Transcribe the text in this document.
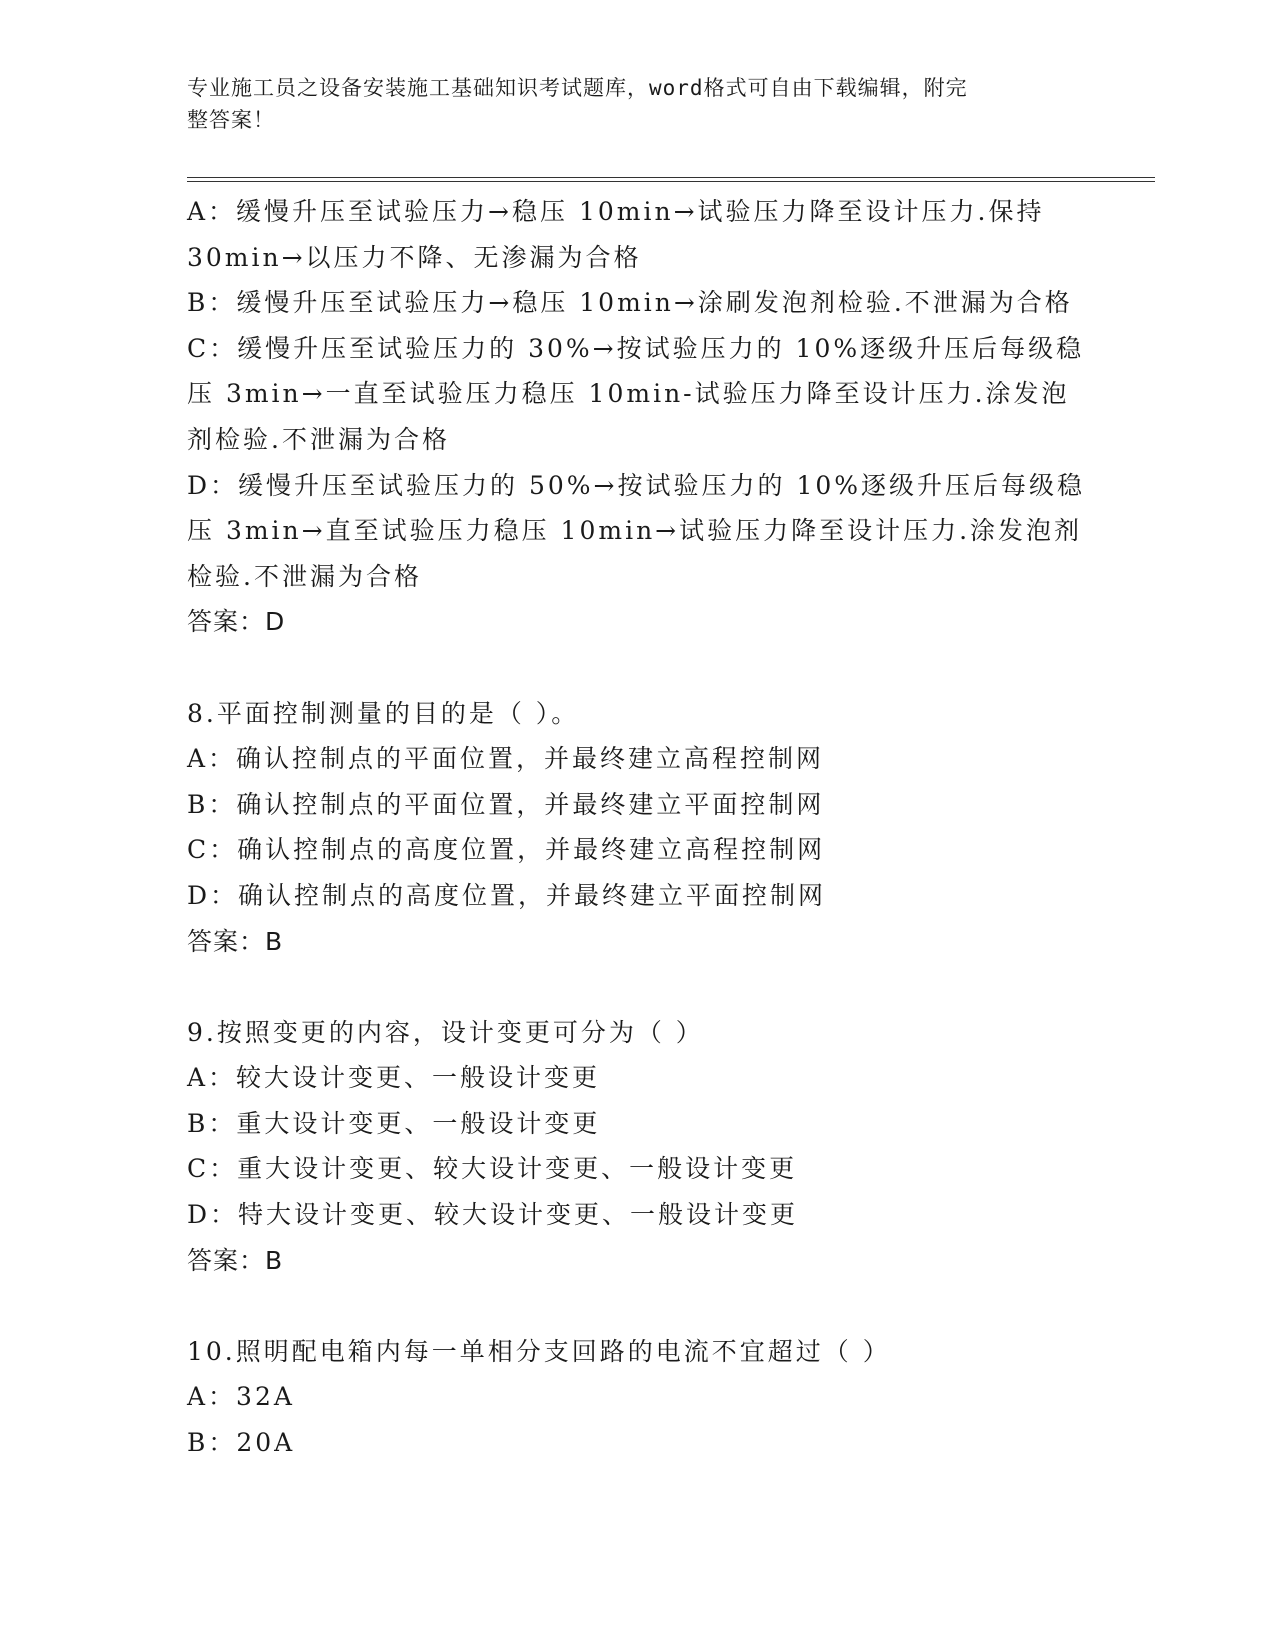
专业施工员之设备安装施工基础知识考试题库，word格式可自由下载编辑，附完
整答案！
A：缓慢升压至试验压力→稳压 10min→试验压力降至设计压力.保持
30min→以压力不降、无渗漏为合格
B：缓慢升压至试验压力→稳压 10min→涂刷发泡剂检验.不泄漏为合格
C：缓慢升压至试验压力的 30%→按试验压力的 10%逐级升压后每级稳
压 3min→一直至试验压力稳压 10min-试验压力降至设计压力.涂发泡
剂检验.不泄漏为合格
D：缓慢升压至试验压力的 50%→按试验压力的 10%逐级升压后每级稳
压 3min→直至试验压力稳压 10min→试验压力降至设计压力.涂发泡剂
检验.不泄漏为合格
答案：D
8.平面控制测量的目的是（ ）。
A：确认控制点的平面位置，并最终建立高程控制网
B：确认控制点的平面位置，并最终建立平面控制网
C：确认控制点的高度位置，并最终建立高程控制网
D：确认控制点的高度位置，并最终建立平面控制网
答案：B
9.按照变更的内容，设计变更可分为（ ）
A：较大设计变更、一般设计变更
B：重大设计变更、一般设计变更
C：重大设计变更、较大设计变更、一般设计变更
D：特大设计变更、较大设计变更、一般设计变更
答案：B
10.照明配电箱内每一单相分支回路的电流不宜超过（ ）
A：32A
B：20A
